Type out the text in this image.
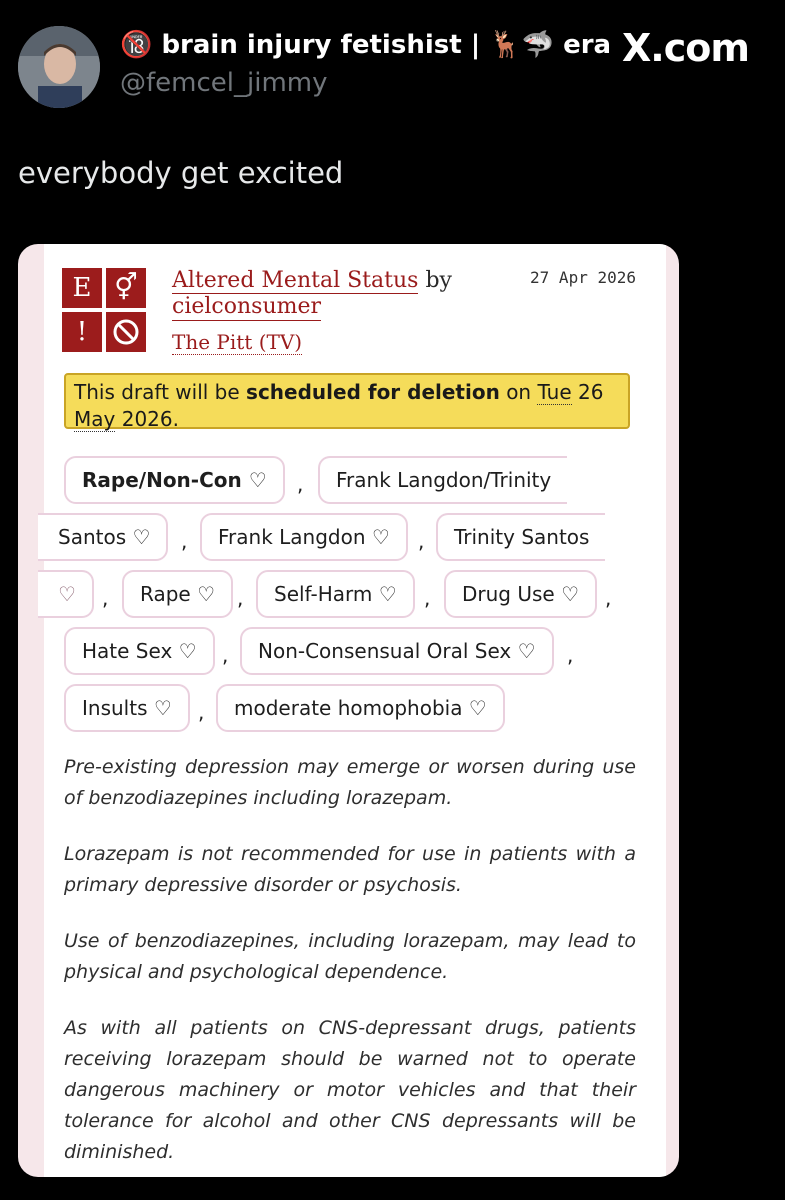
🔞 brain injury fetishist | 🦌🦈 era
@femcel_jimmy
X.com
everybody get excited
E ⚥
!
Altered Mental Status by
cielconsumer
The Pitt (TV)
27 Apr 2026
This draft will be scheduled for deletion on Tue 26
May 2026.
Rape/Non-Con ♡	,	Frank Langdon/Trinity
Santos ♡	,	Frank Langdon ♡	,	Trinity Santos
♡	,	Rape ♡	,	Self-Harm ♡	,	Drug Use ♡	,
Hate Sex ♡	,	Non-Consensual Oral Sex ♡	,
Insults ♡	,	moderate homophobia ♡

Pre-existing depression may emerge or worsen during use of benzodiazepines including lorazepam.

Lorazepam is not recommended for use in patients with a primary depressive disorder or psychosis.

Use of benzodiazepines, including lorazepam, may lead to physical and psychological dependence.

As with all patients on CNS-depressant drugs, patients receiving lorazepam should be warned not to operate dangerous machinery or motor vehicles and that their tolerance for alcohol and other CNS depressants will be diminished.
